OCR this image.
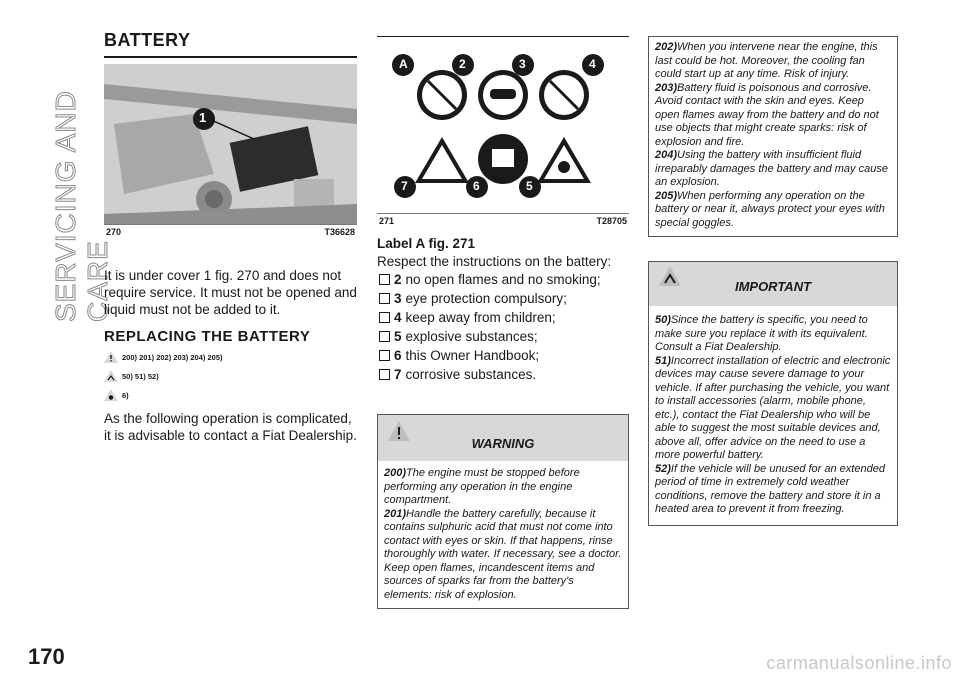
SERVICING AND CARE
170	carmanualsonline.info
BATTERY
1
270	T36628

It is under cover 1 fig. 270 and does not require service. It must not be opened and liquid must not be added to it.

REPLACING THE BATTERY
200) 201) 202) 203) 204) 205)
50) 51) 52)
6)

As the following operation is complicated, it is advisable to contact a Fiat Dealership.

A	2	3	4
7	6	5
271	T28705
Label A fig. 271
Respect the instructions on the battery:
2 no open flames and no smoking;
3 eye protection compulsory;
4 keep away from children;
5 explosive substances;
6 this Owner Handbook;
7 corrosive substances.
WARNING
200)The engine must be stopped before performing any operation in the engine compartment.
201)Handle the battery carefully, because it contains sulphuric acid that must not come into contact with eyes or skin. If that happens, rinse thoroughly with water. If necessary, see a doctor. Keep open flames, incandescent items and sources of sparks far from the battery's elements: risk of explosion.
202)When you intervene near the engine, this last could be hot. Moreover, the cooling fan could start up at any time. Risk of injury.
203)Battery fluid is poisonous and corrosive. Avoid contact with the skin and eyes. Keep open flames away from the battery and do not use objects that might create sparks: risk of explosion and fire.
204)Using the battery with insufficient fluid irreparably damages the battery and may cause an explosion.
205)When performing any operation on the battery or near it, always protect your eyes with special goggles.
IMPORTANT
50)Since the battery is specific, you need to make sure you replace it with its equivalent. Consult a Fiat Dealership.
51)Incorrect installation of electric and electronic devices may cause severe damage to your vehicle. If after purchasing the vehicle, you want to install accessories (alarm, mobile phone, etc.), contact the Fiat Dealership who will be able to suggest the most suitable devices and, above all, offer advice on the need to use a more powerful battery.
52)If the vehicle will be unused for an extended period of time in extremely cold weather conditions, remove the battery and store it in a heated area to prevent it from freezing.
